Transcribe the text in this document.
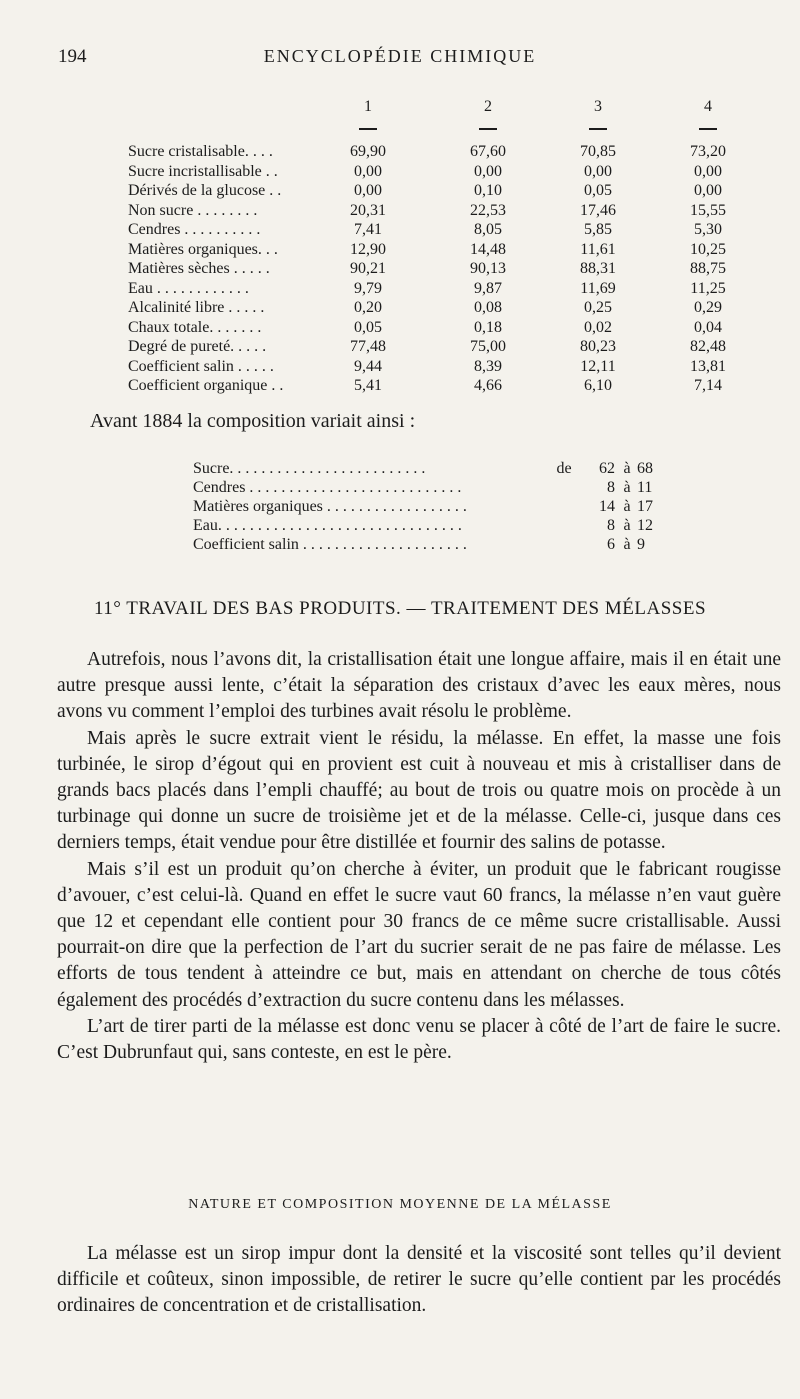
194	ENCYCLOPÉDIE CHIMIQUE
1	2	3	4
Sucre cristalisable. . . .	69,90	67,60	70,85	73,20
Sucre incristallisable . .	0,00	0,00	0,00	0,00
Dérivés de la glucose . .	0,00	0,10	0,05	0,00
Non sucre . . . . . . . .	20,31	22,53	17,46	15,55
Cendres . . . . . . . . . .	7,41	8,05	5,85	5,30
Matières organiques. . .	12,90	14,48	11,61	10,25
Matières sèches . . . . .	90,21	90,13	88,31	88,75
Eau . . . . . . . . . . . .	9,79	9,87	11,69	11,25
Alcalinité libre . . . . .	0,20	0,08	0,25	0,29
Chaux totale. . . . . . .	0,05	0,18	0,02	0,04
Degré de pureté. . . . .	77,48	75,00	80,23	82,48
Coefficient salin . . . . .	9,44	8,39	12,11	13,81
Coefficient organique . .	5,41	4,66	6,10	7,14
Avant 1884 la composition variait ainsi :
Sucre. . . . . . . . . . . . . . . . . . . . . . . . .	de	62 à 68
Cendres . . . . . . . . . . . . . . . . . . . . . . . . . . .	8 à 11
Matières organiques . . . . . . . . . . . . . . . . . .	14 à 17
Eau. . . . . . . . . . . . . . . . . . . . . . . . . . . . . . .	8 à 12
Coefficient salin . . . . . . . . . . . . . . . . . . . . .	6 à 9
11° TRAVAIL DES BAS PRODUITS. — TRAITEMENT DES MÉLASSES

Autrefois, nous l’avons dit, la cristallisation était une longue affaire, mais il en était une autre presque aussi lente, c’était la séparation des cristaux d’avec les eaux mères, nous avons vu comment l’emploi des turbines avait résolu le problème.

Mais après le sucre extrait vient le résidu, la mélasse. En effet, la masse une fois turbinée, le sirop d’égout qui en provient est cuit à nouveau et mis à cristalliser dans de grands bacs placés dans l’empli chauffé; au bout de trois ou quatre mois on procède à un turbinage qui donne un sucre de troisième jet et de la mélasse. Celle-ci, jusque dans ces derniers temps, était vendue pour être distillée et fournir des salins de potasse.

Mais s’il est un produit qu’on cherche à éviter, un produit que le fabricant rougisse d’avouer, c’est celui-là. Quand en effet le sucre vaut 60 francs, la mélasse n’en vaut guère que 12 et cependant elle contient pour 30 francs de ce même sucre cristallisable. Aussi pourrait-on dire que la perfection de l’art du sucrier serait de ne pas faire de mélasse. Les efforts de tous tendent à atteindre ce but, mais en attendant on cherche de tous côtés également des procédés d’extraction du sucre contenu dans les mélasses.

L’art de tirer parti de la mélasse est donc venu se placer à côté de l’art de faire le sucre. C’est Dubrunfaut qui, sans conteste, en est le père.

NATURE ET COMPOSITION MOYENNE DE LA MÉLASSE

La mélasse est un sirop impur dont la densité et la viscosité sont telles qu’il devient difficile et coûteux, sinon impossible, de retirer le sucre qu’elle contient par les procédés ordinaires de concentration et de cristallisation.
